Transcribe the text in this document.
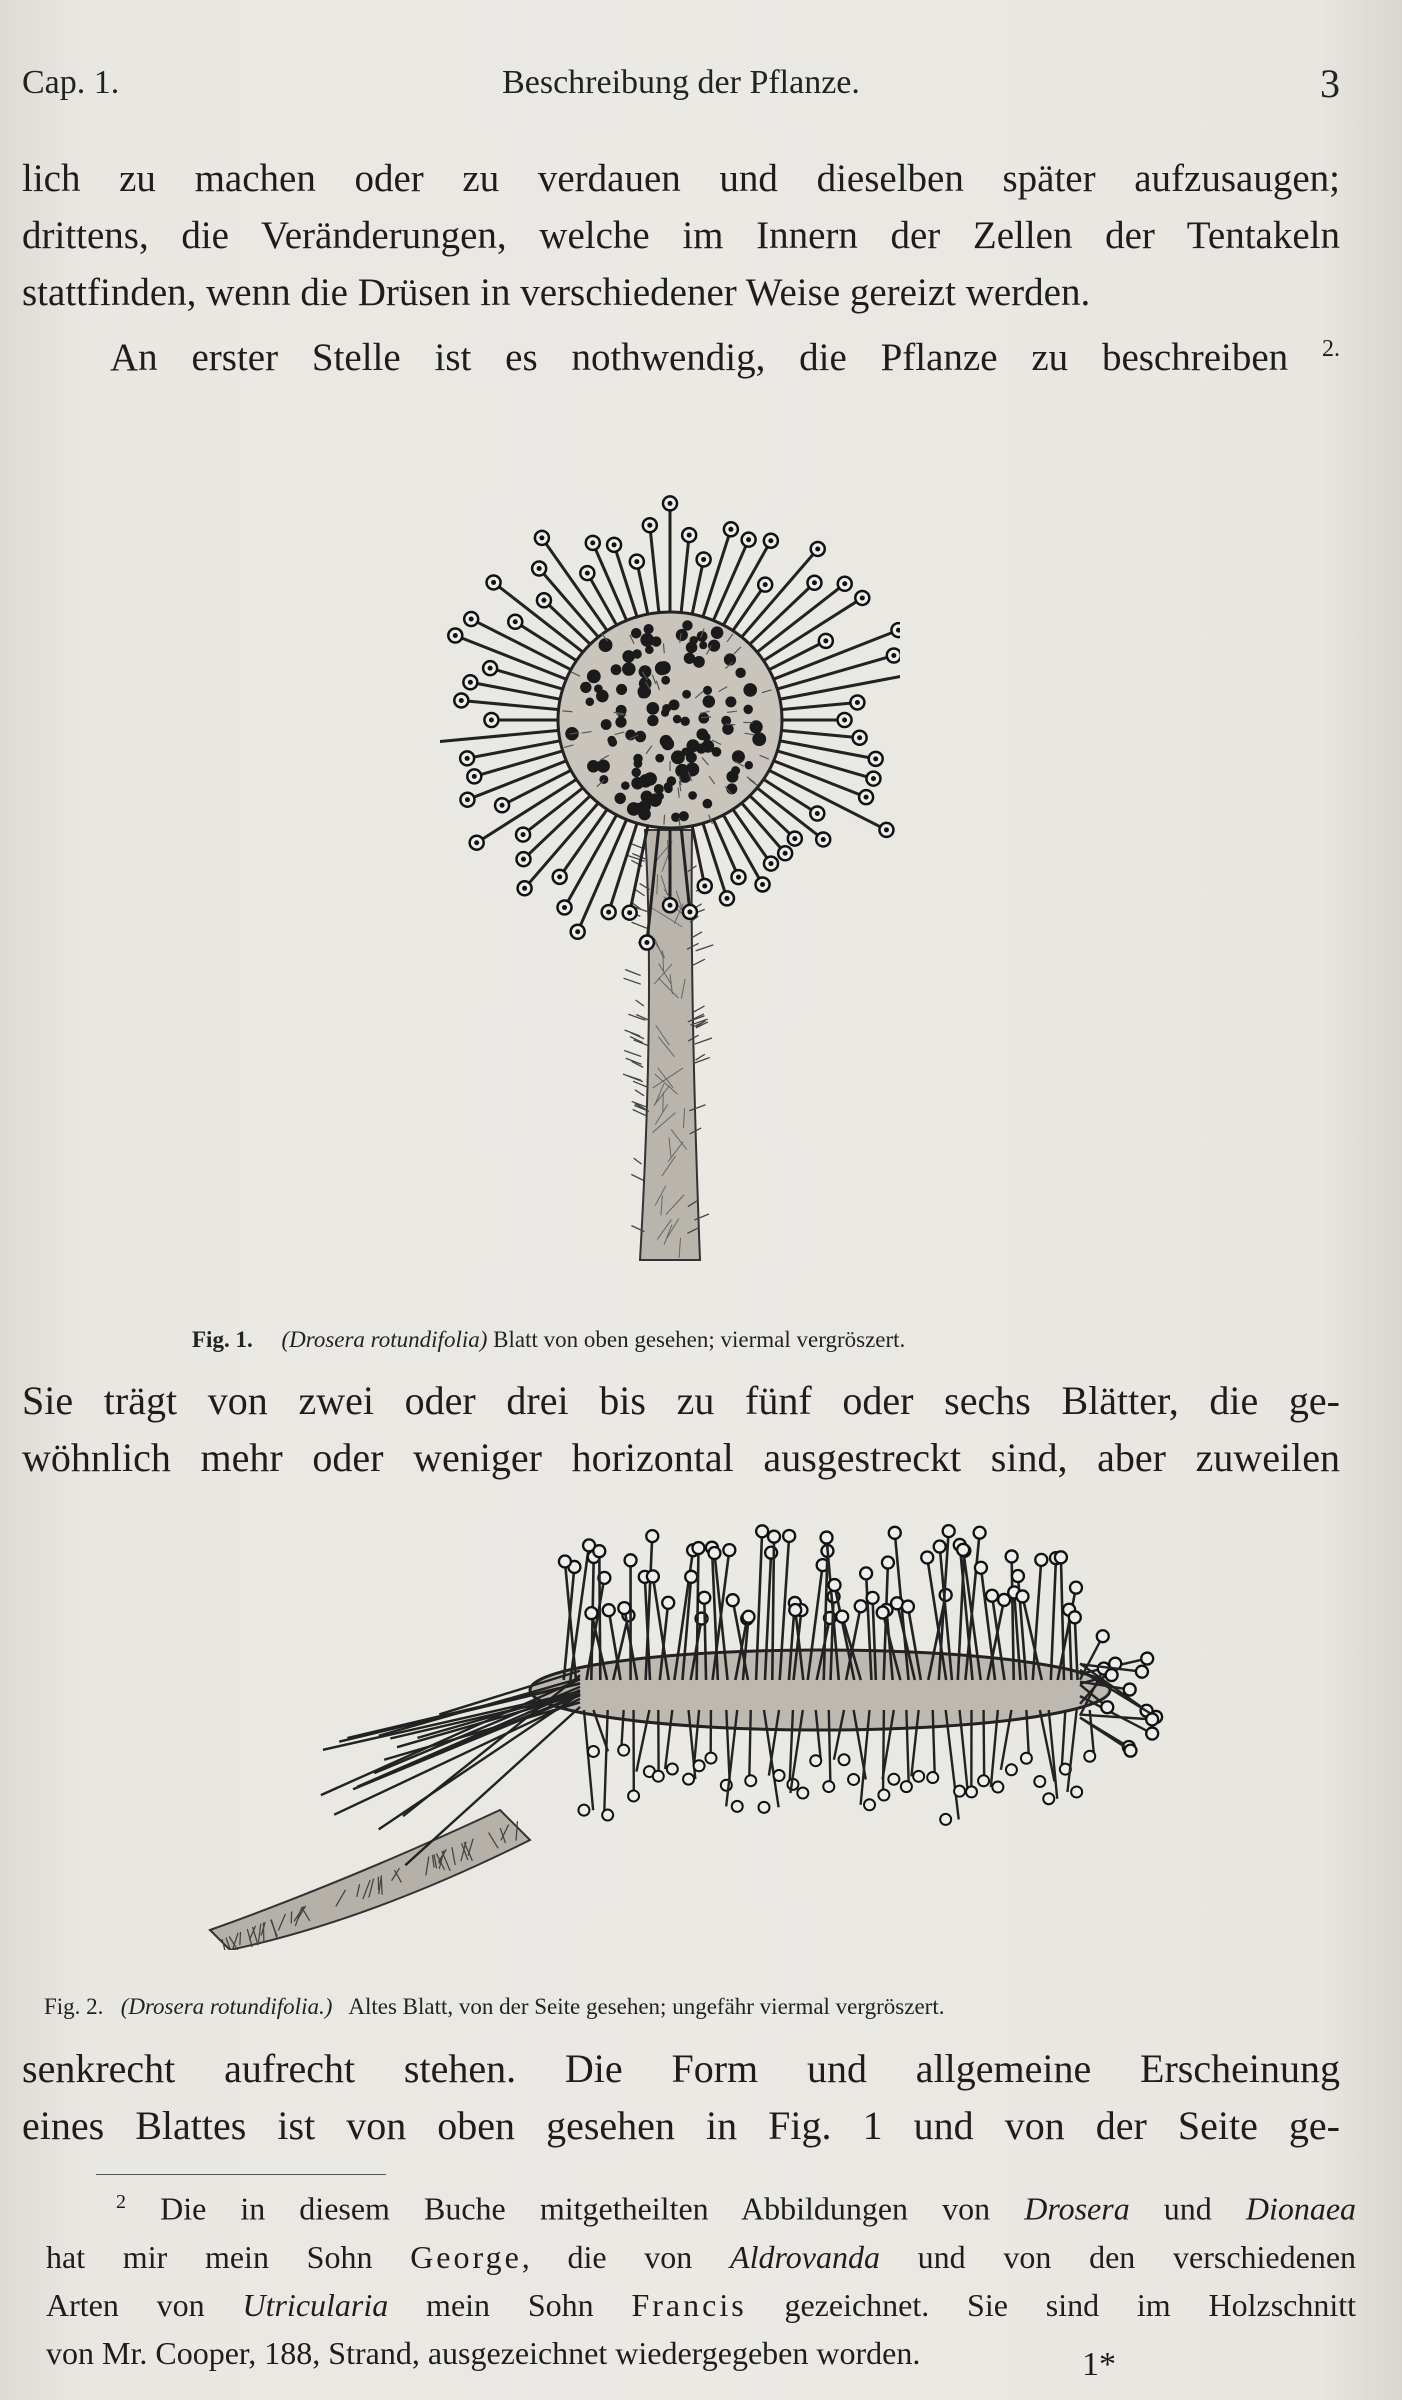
Cap. 1.	Beschreibung der Pflanze.	3
lich zu machen oder zu verdauen und dieselben später aufzusaugen;
drittens, die Veränderungen, welche im Innern der Zellen der Tentakeln
stattfinden, wenn die Drüsen in verschiedener Weise gereizt werden.
An erster Stelle ist es nothwendig, die Pflanze zu beschreiben $^{2.}$
Fig. 1. (Drosera rotundifolia) Blatt von oben gesehen; viermal vergröszert.
Sie trägt von zwei oder drei bis zu fünf oder sechs Blätter, die ge-
wöhnlich mehr oder weniger horizontal ausgestreckt sind, aber zuweilen
Fig. 2. (Drosera rotundifolia.) Altes Blatt, von der Seite gesehen; ungefähr viermal vergröszert.
senkrecht aufrecht stehen. Die Form und allgemeine Erscheinung
eines Blattes ist von oben gesehen in Fig. 1 und von der Seite ge-
$^2$ Die in diesem Buche mitgetheilten Abbildungen von Drosera und Dionaea
hat mir mein Sohn George, die von Aldrovanda und von den verschiedenen
Arten von Utricularia mein Sohn Francis gezeichnet. Sie sind im Holzschnitt
von Mr. Cooper, 188, Strand, ausgezeichnet wiedergegeben worden.	1*
